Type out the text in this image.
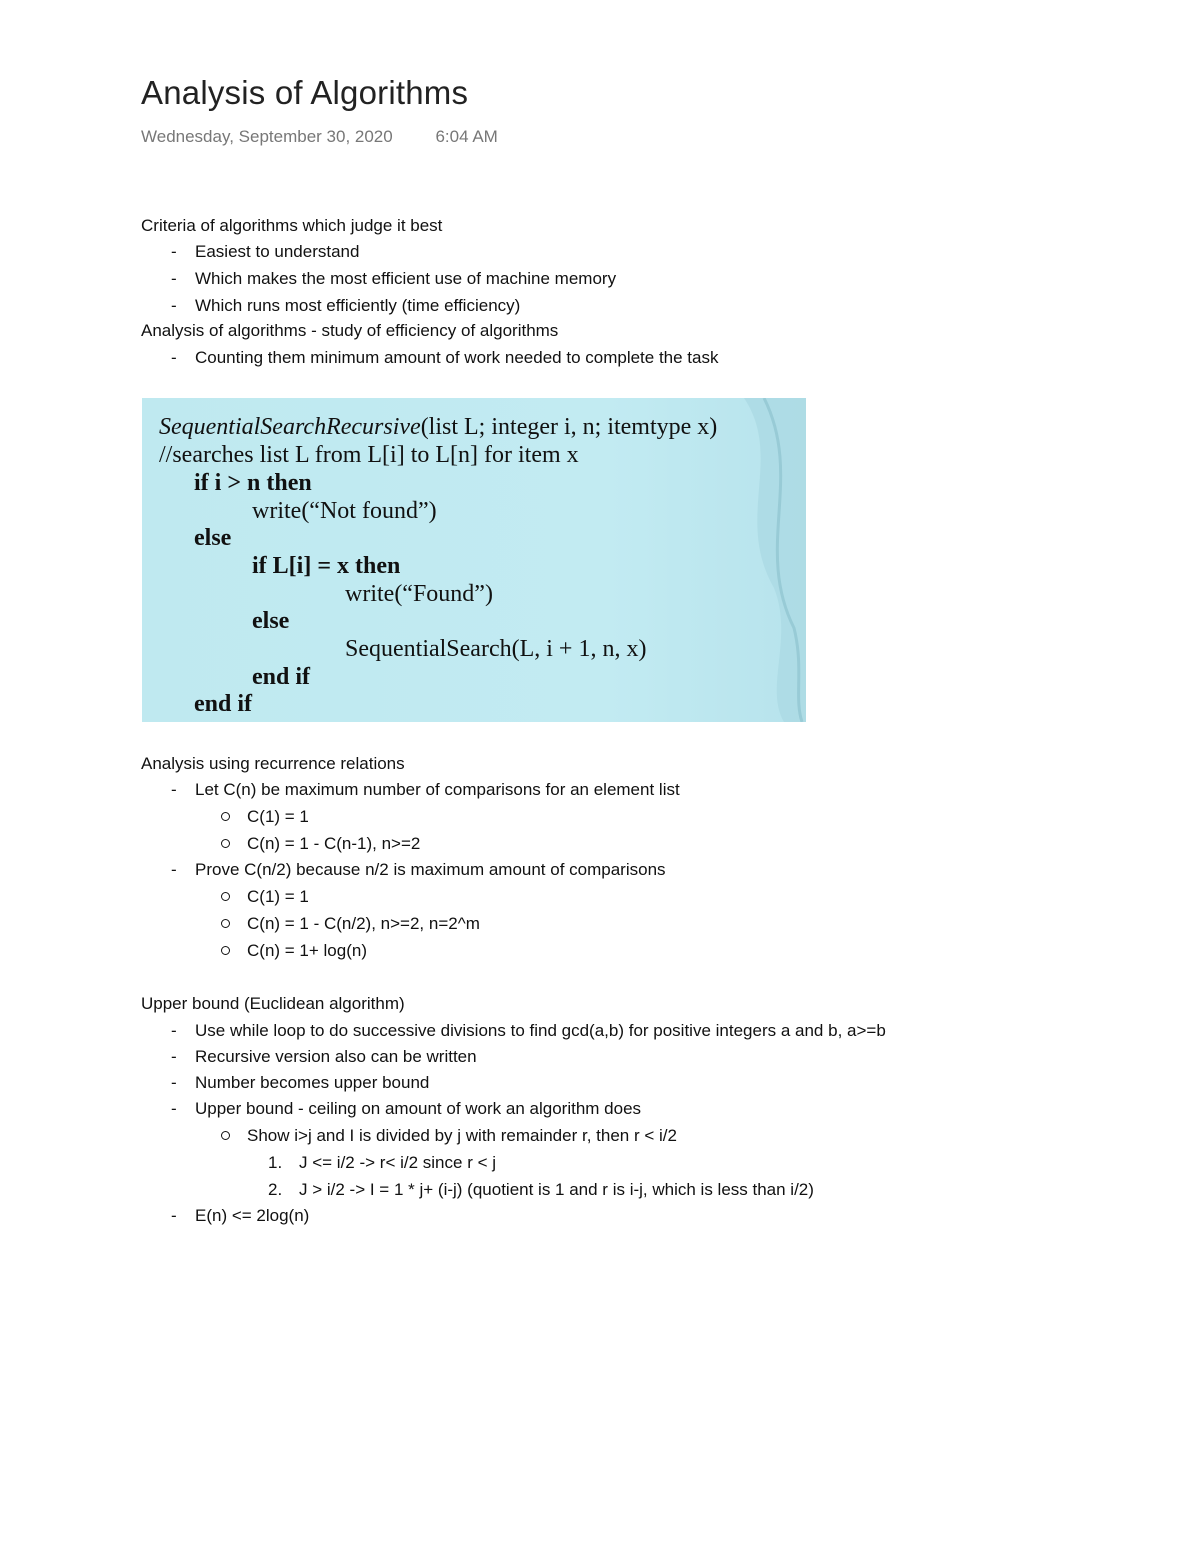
Analysis of Algorithms
Wednesday, September 30, 2020	6:04 AM
Criteria of algorithms which judge it best
- Easiest to understand
- Which makes the most efficient use of machine memory
- Which runs most efficiently (time efficiency)
Analysis of algorithms - study of efficiency of algorithms
- Counting them minimum amount of work needed to complete the task
SequentialSearchRecursive(list L; integer i, n; itemtype x)
//searches list L from L[i] to L[n] for item x
if i > n then
write(“Not found”)
else
if L[i] = x then
write(“Found”)
else
SequentialSearch(L, i + 1, n, x)
end if
end if
Analysis using recurrence relations
- Let C(n) be maximum number of comparisons for an element list
C(1) = 1
C(n) = 1 - C(n-1), n>=2
- Prove C(n/2) because n/2 is maximum amount of comparisons
C(1) = 1
C(n) = 1 - C(n/2), n>=2, n=2^m
C(n) = 1+ log(n)
Upper bound (Euclidean algorithm)
- Use while loop to do successive divisions to find gcd(a,b) for positive integers a and b, a>=b
- Recursive version also can be written
- Number becomes upper bound
- Upper bound - ceiling on amount of work an algorithm does
Show i>j and I is divided by j with remainder r, then r < i/2
1. J <= i/2 -> r< i/2 since r < j
2. J > i/2 -> I = 1 * j+ (i-j) (quotient is 1 and r is i-j, which is less than i/2)
- E(n) <= 2log(n)
